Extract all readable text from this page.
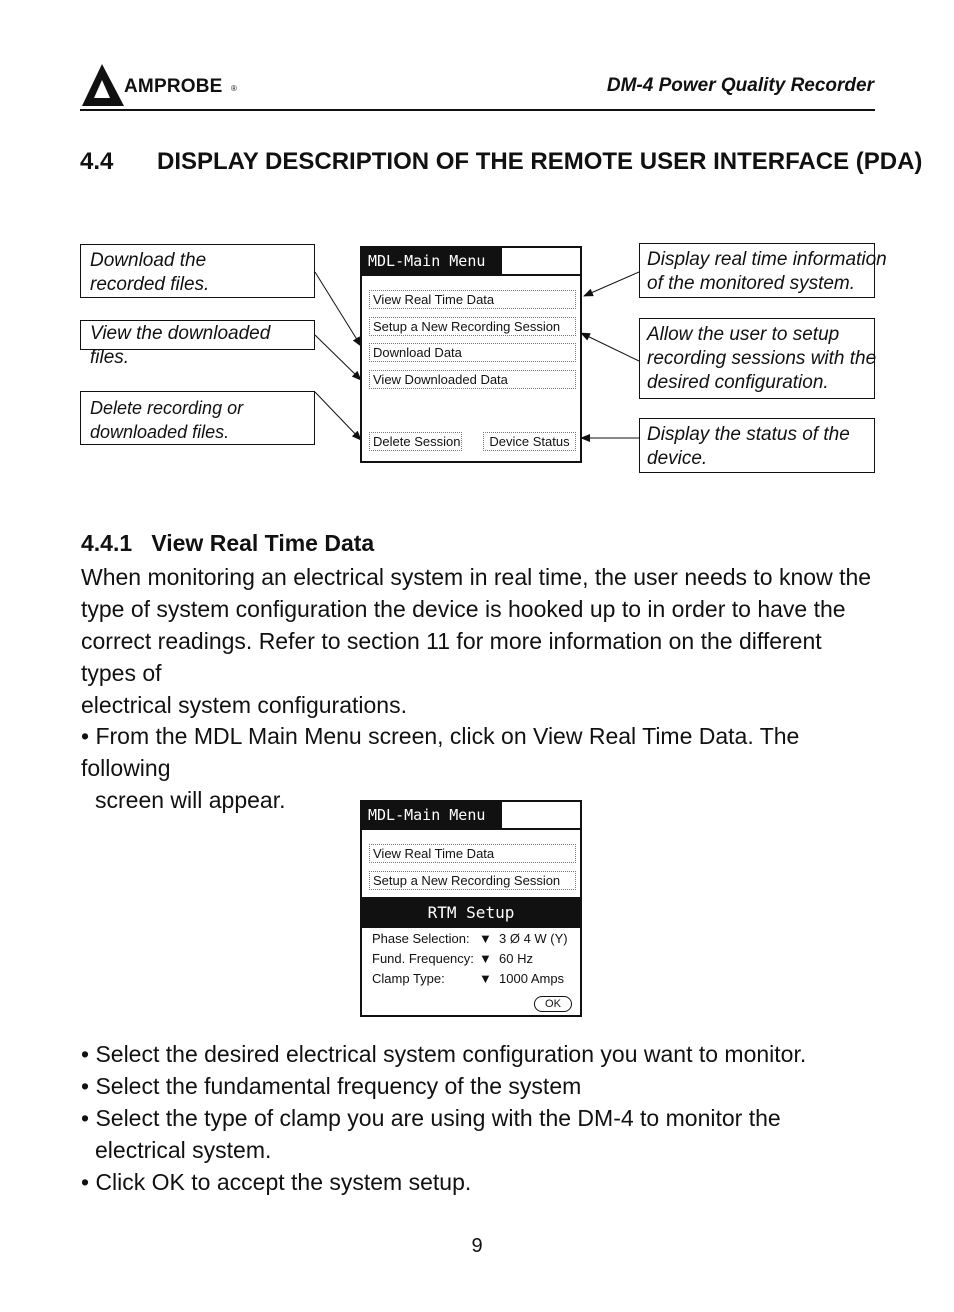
AMPROBE ®	DM-4 Power Quality Recorder
4.4 DISPLAY DESCRIPTION OF THE REMOTE USER INTERFACE (PDA)
Download the
recorded files.
View the downloaded files.
Delete recording or
downloaded files.
Display real time information
of the monitored system.
Allow the user to setup
recording sessions with the
desired configuration.
Display the status of the
device.
MDL-Main Menu
View Real Time Data
Setup a New Recording Session
Download Data
View Downloaded Data
Delete Session	Device Status
4.4.1   View Real Time Data
When monitoring an electrical system in real time, the user needs to know the
type of system configuration the device is hooked up to in order to have the
correct readings. Refer to section 11 for more information on the different types of
electrical system configurations.
• From the MDL Main Menu screen, click on View Real Time Data. The following
screen will appear.
MDL-Main Menu
View Real Time Data
Setup a New Recording Session
RTM Setup
Phase Selection: ▼ 3 Ø 4 W (Y)
Fund. Frequency: ▼ 60 Hz
Clamp Type:	▼ 1000 Amps
OK
• Select the desired electrical system configuration you want to monitor.
• Select the fundamental frequency of the system
• Select the type of clamp you are using with the DM-4 to monitor the
electrical system.
• Click OK to accept the system setup.
9
